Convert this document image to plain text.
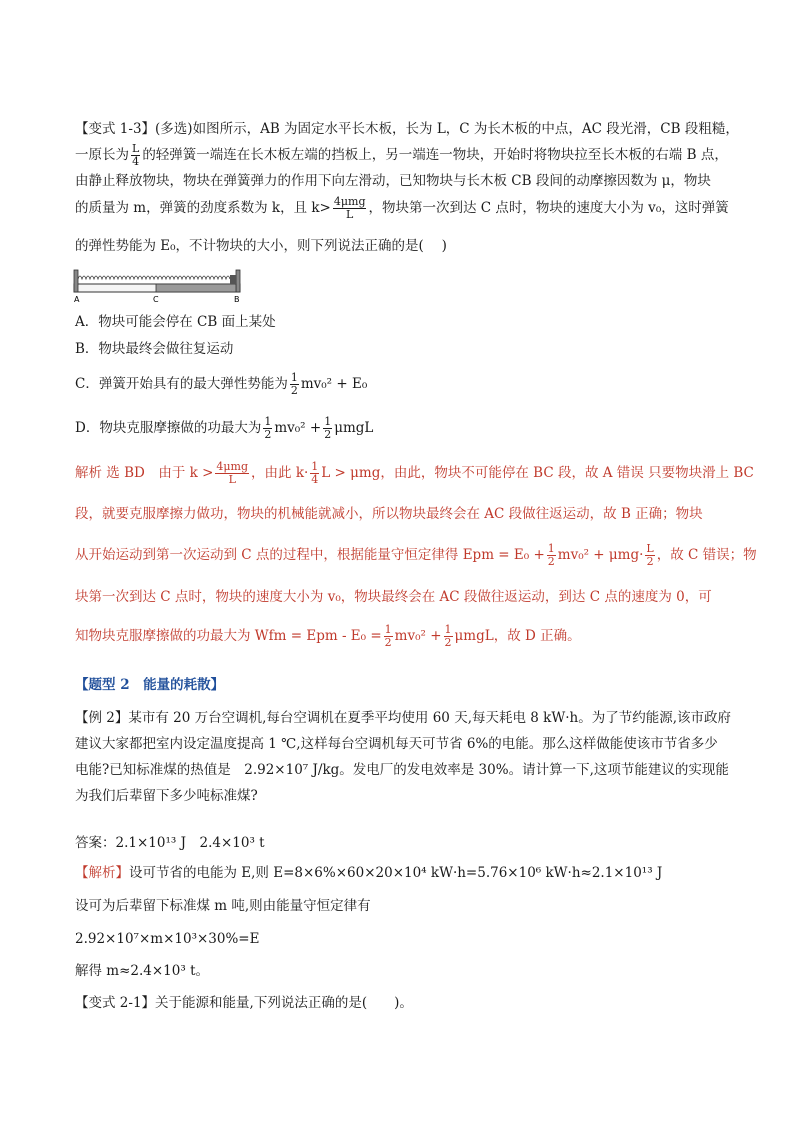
【变式 1-3】(多选)如图所示，AB 为固定水平长木板，长为 L，C 为长木板的中点，AC 段光滑，CB 段粗糙，
一原长为 $\frac{L}{4}$ 的轻弹簧一端连在长木板左端的挡板上，另一端连一物块，开始时将物块拉至长木板的右端 B 点，
由静止释放物块，物块在弹簧弹力的作用下向左滑动，已知物块与长木板 CB 段间的动摩擦因数为 μ，物块
的质量为 m，弹簧的劲度系数为 k，且 $k> \frac{\text{4μmg}}{L}$ ，物块第一次到达 C 点时，物块的速度大小为 v₀，这时弹簧
的弹性势能为 E₀，不计物块的大小，则下列说法正确的是(　 )
A	C	B
A．物块可能会停在 CB 面上某处
B．物块最终会做往复运动
C．弹簧开始具有的最大弹性势能为 $\frac{1}{2} mv_0^2 + E_0$
D．物块克服摩擦做的功最大为 $\frac{1}{2} mv_0^2 + \frac{1}{2}$ μmgL
解析 选 BD　由于 $k > \frac{\text{4μmg}}{L}$ ，由此 $k\cdot \frac{1}{4}$ L > μmg，由此，物块不可能停在 BC 段，故 A 错误 只要物块滑上 BC
段，就要克服摩擦力做功，物块的机械能就减小，所以物块最终会在 AC 段做往返运动，故 B 正确；物块
从开始运动到第一次运动到 C 点的过程中，根据能量守恒定律得 Epm = $E_0 + \frac{1}{2} mv_0^2 + \mu mg\cdot \frac{L}{2}$ ，故 C 错误；物
块第一次到达 C 点时，物块的速度大小为 v₀，物块最终会在 AC 段做往返运动，到达 C 点的速度为 0，可
知物块克服摩擦做的功最大为 Wfm = Epm - $E_0 = \frac{1}{2} mv_0^2 + \frac{1}{2}$ μmgL，故 D 正确。
【题型 2　能量的耗散】
【例 2】某市有 20 万台空调机,每台空调机在夏季平均使用 60 天,每天耗电 8 kW·h。为了节约能源,该市政府
建议大家都把室内设定温度提高 1 ℃,这样每台空调机每天可节省 6%的电能。那么这样做能使该市节省多少
电能?已知标准煤的热值是　2.92×10⁷ J/kg。发电厂的发电效率是 30%。请计算一下,这项节能建议的实现能
为我们后辈留下多少吨标准煤?
答案：2.1×10¹³ J　2.4×10³ t
【解析】设可节省的电能为 E,则 E=8×6%×60×20×10⁴ kW·h=5.76×10⁶ kW·h≈2.1×10¹³ J
设可为后辈留下标准煤 m 吨,则由能量守恒定律有
2.92×10⁷×m×10³×30%=E
解得 m≈2.4×10³ t。
【变式 2-1】关于能源和能量,下列说法正确的是(　　)。
